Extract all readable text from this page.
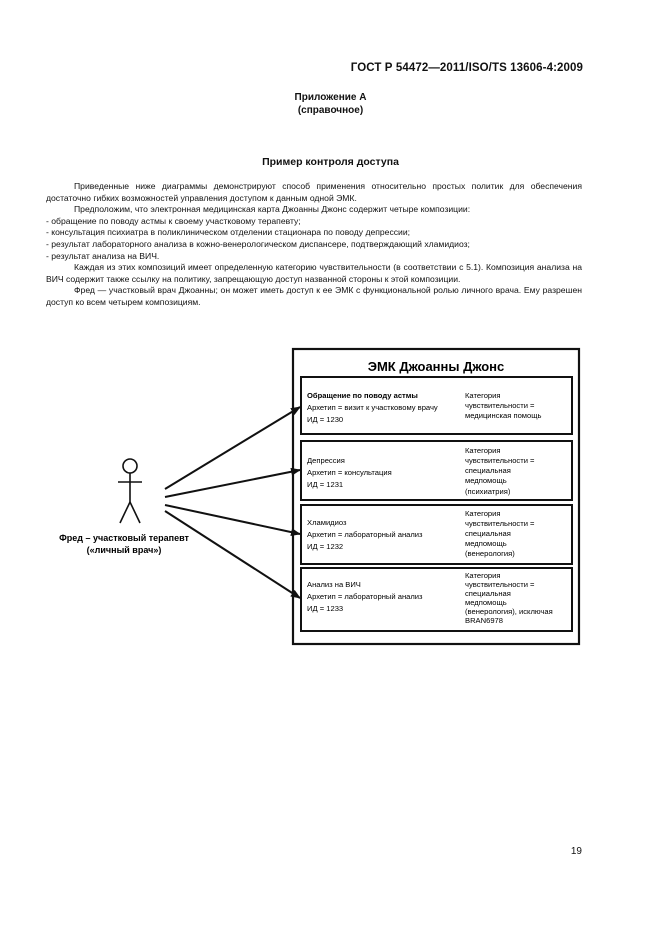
ГОСТ Р 54472—2011/ISO/TS 13606-4:2009
Приложение А
(справочное)
Пример контроля доступа

Приведенные ниже диаграммы демонстрируют способ применения относительно простых политик для обеспечения достаточно гибких возможностей управления доступом к данным одной ЭМК.

Предположим, что электронная медицинская карта Джоанны Джонс содержит четыре композиции:

- обращение по поводу астмы к своему участковому терапевту;

- консультация психиатра в поликлиническом отделении стационара по поводу депрессии;

- результат лабораторного анализа в кожно-венерологическом диспансере, подтверждающий хламидиоз;

- результат анализа на ВИЧ.

Каждая из этих композиций имеет определенную категорию чувствительности (в соответствии с 5.1). Композиция анализа на ВИЧ содержит также ссылку на политику, запрещающую доступ названной стороны к этой композиции.

Фред — участковый врач Джоанны; он может иметь доступ к ее ЭМК с функциональной ролью личного врача. Ему разрешен доступ ко всем четырем композициям.

ЭМК Джоанны Джонс
Обращение по поводу астмы
Архетип = визит к участковому врачу
ИД = 1230
Категория
чувствительности =
медицинская помощь
Депрессия
Архетип = консультация
ИД = 1231
Категория
чувствительности =
специальная
медпомощь
(психиатрия)
Хламидиоз
Архетип = лабораторный анализ
ИД = 1232
Категория
чувствительности =
специальная
медпомощь
(венерология)
Анализ на ВИЧ
Архетип = лабораторный анализ
ИД = 1233
Категория
чувствительности =
специальная
медпомощь
(венерология), исключая
BRAN6978
Фред – участковый терапевт
(«личный врач»)
19
